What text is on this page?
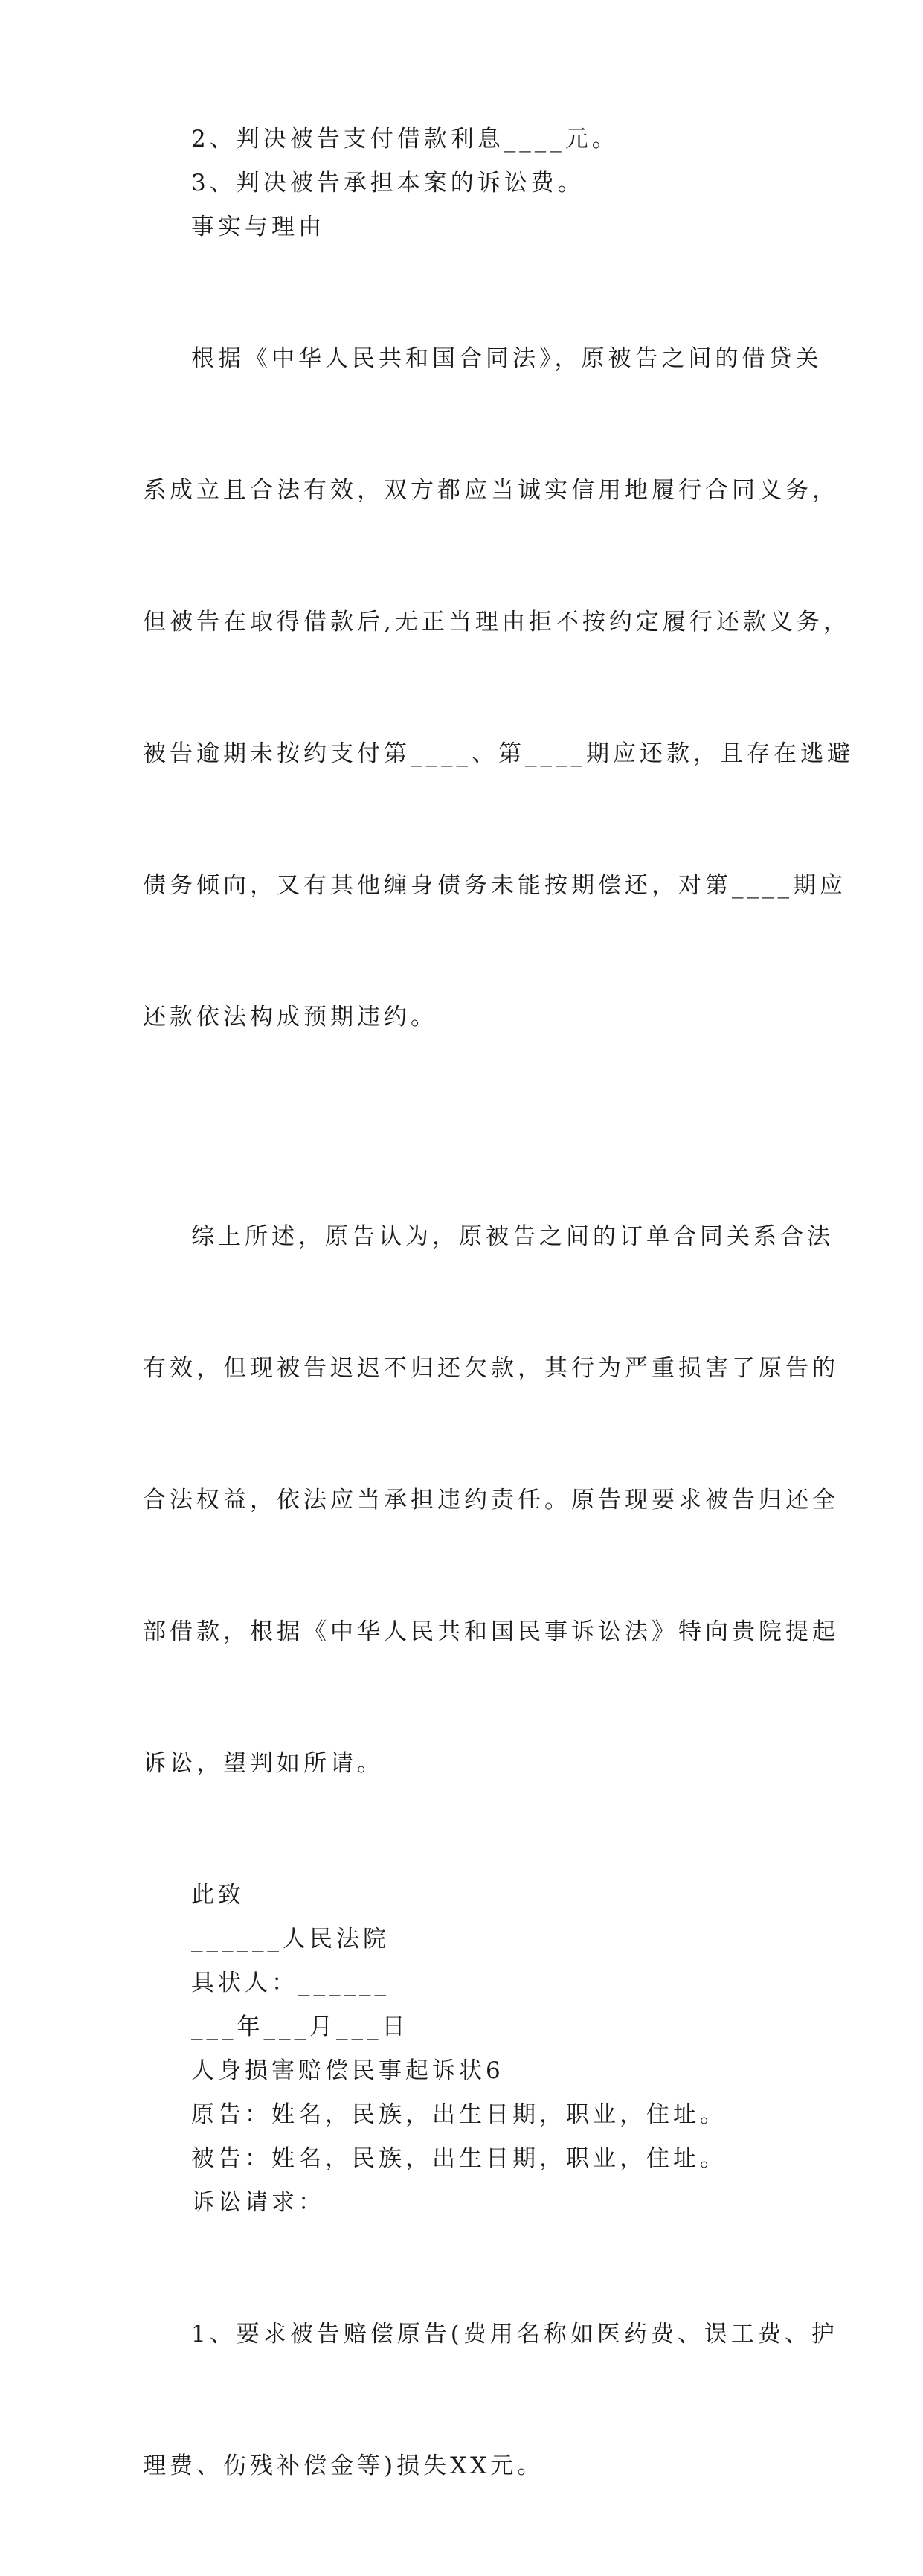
2、判决被告支付借款利息____元。

3、判决被告承担本案的诉讼费。

事实与理由

根据《中华人民共和国合同法》，原被告之间的借贷关

系成立且合法有效，双方都应当诚实信用地履行合同义务，

但被告在取得借款后,无正当理由拒不按约定履行还款义务，

被告逾期未按约支付第____、第____期应还款，且存在逃避

债务倾向，又有其他缠身债务未能按期偿还，对第____期应

还款依法构成预期违约。

综上所述，原告认为，原被告之间的订单合同关系合法

有效，但现被告迟迟不归还欠款，其行为严重损害了原告的

合法权益，依法应当承担违约责任。原告现要求被告归还全

部借款，根据《中华人民共和国民事诉讼法》特向贵院提起

诉讼，望判如所请。

此致

______人民法院

具状人：______

___年___月___日

人身损害赔偿民事起诉状6

原告：姓名，民族，出生日期，职业，住址。

被告：姓名，民族，出生日期，职业，住址。

诉讼请求：

1、要求被告赔偿原告(费用名称如医药费、误工费、护

理费、伤残补偿金等)损失XX元。
